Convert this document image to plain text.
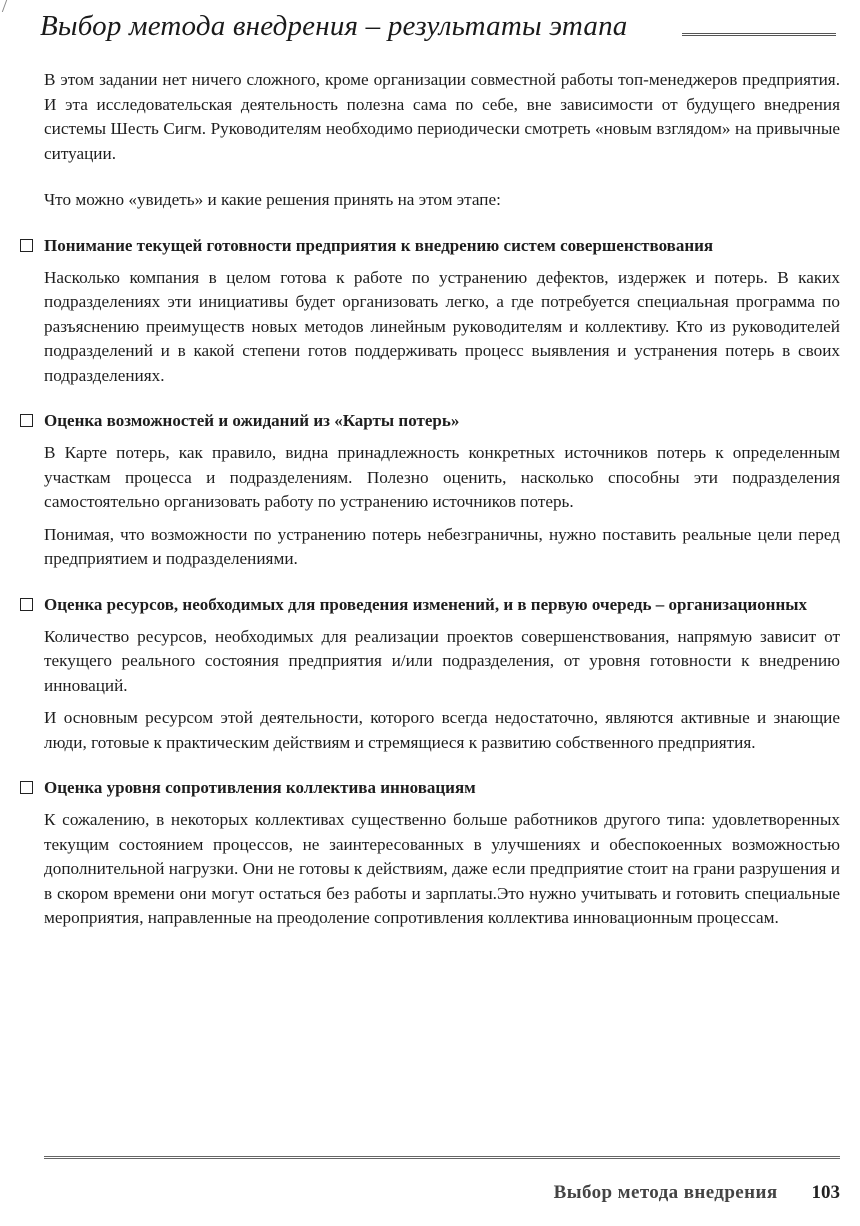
Выбор метода внедрения – результаты этапа

В этом задании нет ничего сложного, кроме организации совместной работы топ-менеджеров предприятия. И эта исследовательская деятельность полезна сама по себе, вне зависимости от будущего внедрения системы Шесть Сигм. Руководителям необходимо периодически смотреть «новым взглядом» на привычные ситуации.

Что можно «увидеть» и какие решения принять на этом этапе:

Понимание текущей готовности предприятия к внедрению систем совершенствования

Насколько компания в целом готова к работе по устранению дефектов, издержек и потерь. В каких подразделениях эти инициативы будет организовать легко, а где потребуется специальная программа по разъяснению преимуществ новых методов линейным руководителям и коллективу. Кто из руководителей подразделений и в какой степени готов поддерживать процесс выявления и устранения потерь в своих подразделениях.

Оценка возможностей и ожиданий из «Карты потерь»

В Карте потерь, как правило, видна принадлежность конкретных источников потерь к определенным участкам процесса и подразделениям. Полезно оценить, насколько способны эти подразделения самостоятельно организовать работу по устранению источников потерь.

Понимая, что возможности по устранению потерь небезграничны, нужно поставить реальные цели перед предприятием и подразделениями.

Оценка ресурсов, необходимых для проведения изменений, и в первую очередь – организационных

Количество ресурсов, необходимых для реализации проектов совершенствования, напрямую зависит от текущего реального состояния предприятия и/или подразделения, от уровня готовности к внедрению инноваций.

И основным ресурсом этой деятельности, которого всегда недостаточно, являются активные и знающие люди, готовые к практическим действиям и стремящиеся к развитию собственного предприятия.

Оценка уровня сопротивления коллектива инновациям

К сожалению, в некоторых коллективах существенно больше работников другого типа: удовлетворенных текущим состоянием процессов, не заинтересованных в улучшениях и обеспокоенных возможностью дополнительной нагрузки. Они не готовы к действиям, даже если предприятие стоит на грани разрушения и в скором времени они могут остаться без работы и зарплаты.Это нужно учитывать и готовить специальные мероприятия, направленные на преодоление сопротивления коллектива инновационным процессам.

Выбор метода внедрения 103
